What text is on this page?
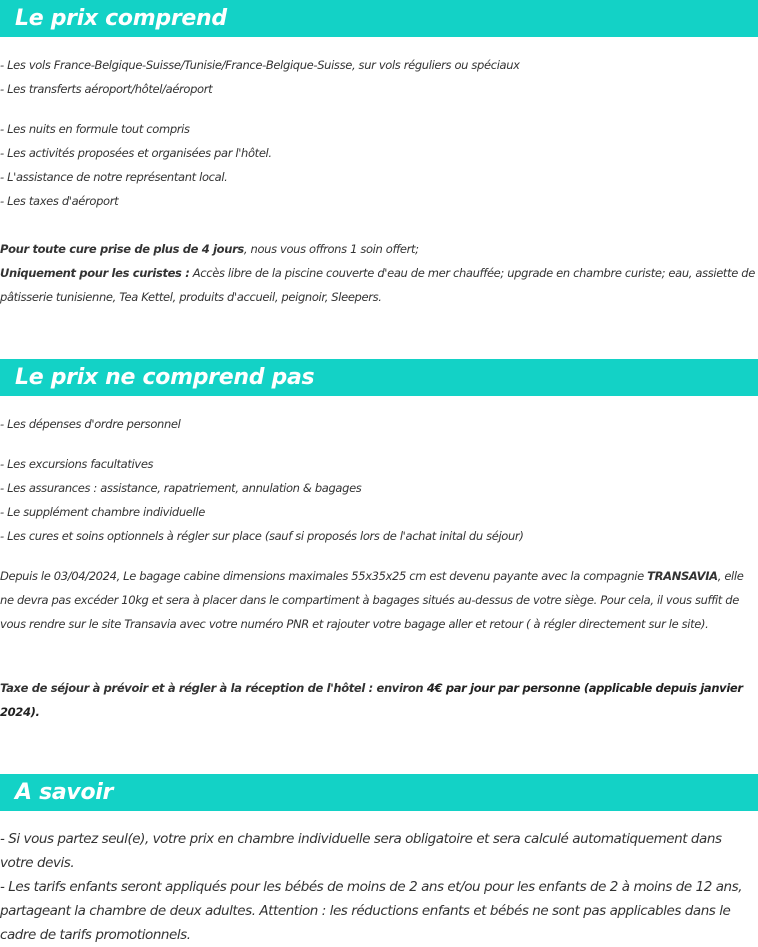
Le prix comprend
- Les vols France-Belgique-Suisse/Tunisie/France-Belgique-Suisse, sur vols réguliers ou spéciaux
- Les transferts aéroport/hôtel/aéroport
- Les nuits en formule tout compris
- Les activités proposées et organisées par l'hôtel.
- L'assistance de notre représentant local.
- Les taxes d'aéroport
Pour toute cure prise de plus de 4 jours, nous vous offrons 1 soin offert;
Uniquement pour les curistes : Accès libre de la piscine couverte d'eau de mer chauffée; upgrade en chambre curiste; eau, assiette de pâtisserie tunisienne, Tea Kettel, produits d'accueil, peignoir, Sleepers.
Le prix ne comprend pas
- Les dépenses d'ordre personnel
- Les excursions facultatives
- Les assurances : assistance, rapatriement, annulation & bagages
- Le supplément chambre individuelle
- Les cures et soins optionnels à régler sur place (sauf si proposés lors de l'achat inital du séjour)
Depuis le 03/04/2024, Le bagage cabine dimensions maximales 55x35x25 cm est devenu payante avec la compagnie TRANSAVIA, elle ne devra pas excéder 10kg et sera à placer dans le compartiment à bagages situés au-dessus de votre siège. Pour cela, il vous suffit de vous rendre sur le site Transavia avec votre numéro PNR et rajouter votre bagage aller et retour ( à régler directement sur le site).
Taxe de séjour à prévoir et à régler à la réception de l'hôtel : environ 4€ par jour par personne (applicable depuis janvier 2024).
A savoir
- Si vous partez seul(e), votre prix en chambre individuelle sera obligatoire et sera calculé automatiquement dans votre devis.
- Les tarifs enfants seront appliqués pour les bébés de moins de 2 ans et/ou pour les enfants de 2 à moins de 12 ans, partageant la chambre de deux adultes. Attention : les réductions enfants et bébés ne sont pas applicables dans le cadre de tarifs promotionnels.
